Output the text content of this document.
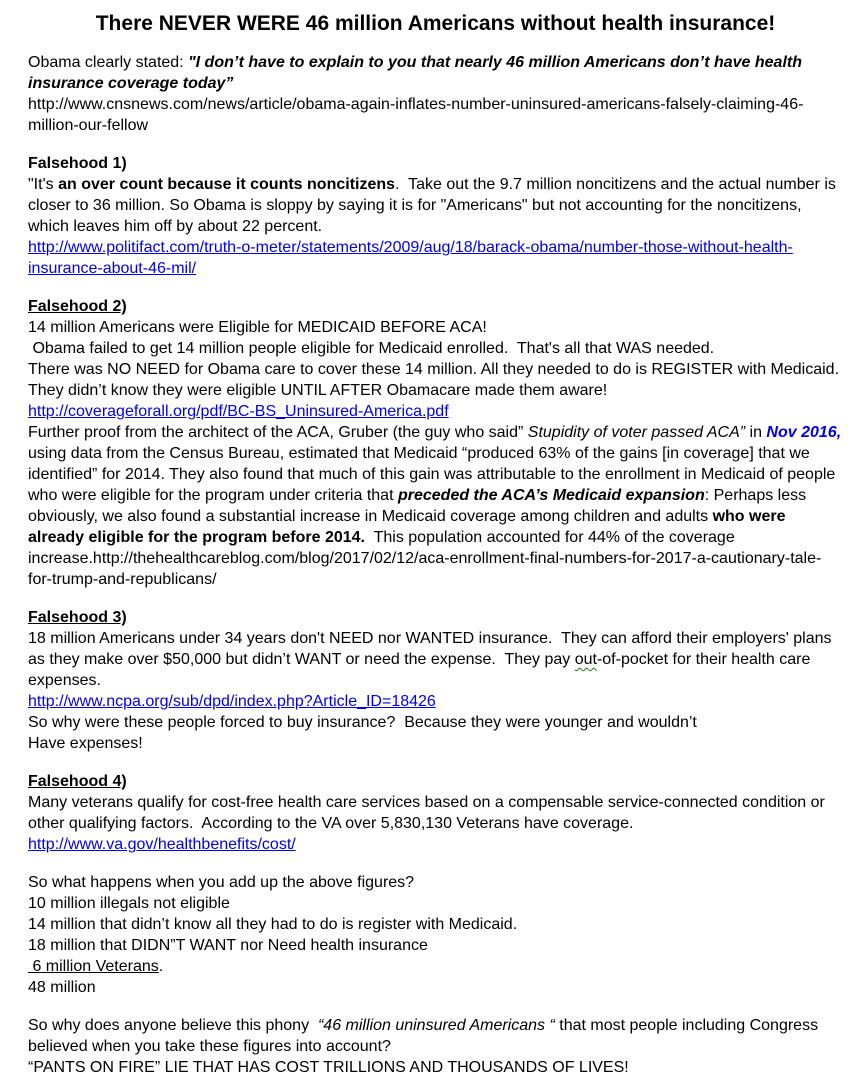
There NEVER WERE 46 million Americans without health insurance!
Obama clearly stated: "I don’t have to explain to you that nearly 46 million Americans don’t have health insurance coverage today”
http://www.cnsnews.com/news/article/obama-again-inflates-number-uninsured-americans-falsely-claiming-46-million-our-fellow
Falsehood 1)
"It's an over count because it counts noncitizens.  Take out the 9.7 million noncitizens and the actual number is closer to 36 million. So Obama is sloppy by saying it is for "Americans" but not accounting for the noncitizens, which leaves him off by about 22 percent.
http://www.politifact.com/truth-o-meter/statements/2009/aug/18/barack-obama/number-those-without-health-insurance-about-46-mil/
Falsehood 2)
14 million Americans were Eligible for MEDICAID BEFORE ACA!
Obama failed to get 14 million people eligible for Medicaid enrolled.  That's all that WAS needed.
There was NO NEED for Obama care to cover these 14 million. All they needed to do is REGISTER with Medicaid.  They didn’t know they were eligible UNTIL AFTER Obamacare made them aware!
http://coverageforall.org/pdf/BC-BS_Uninsured-America.pdf
Further proof from the architect of the ACA, Gruber (the guy who said” Stupidity of voter passed ACA” in Nov 2016, using data from the Census Bureau, estimated that Medicaid “produced 63% of the gains [in coverage] that we identified” for 2014. They also found that much of this gain was attributable to the enrollment in Medicaid of people who were eligible for the program under criteria that preceded the ACA’s Medicaid expansion: Perhaps less obviously, we also found a substantial increase in Medicaid coverage among children and adults who were already eligible for the program before 2014.  This population accounted for 44% of the coverage increase.http://thehealthcareblog.com/blog/2017/02/12/aca-enrollment-final-numbers-for-2017-a-cautionary-tale-for-trump-and-republicans/
Falsehood 3)
18 million Americans under 34 years don't NEED nor WANTED insurance.  They can afford their employers' plans as they make over $50,000 but didn’t WANT or need the expense.  They pay out-of-pocket for their health care expenses.
http://www.ncpa.org/sub/dpd/index.php?Article_ID=18426
So why were these people forced to buy insurance?  Because they were younger and wouldn’t
Have expenses!
Falsehood 4)
Many veterans qualify for cost-free health care services based on a compensable service-connected condition or other qualifying factors.  According to the VA over 5,830,130 Veterans have coverage.
http://www.va.gov/healthbenefits/cost/
So what happens when you add up the above figures?
10 million illegals not eligible
14 million that didn’t know all they had to do is register with Medicaid.
18 million that DIDN”T WANT nor Need health insurance
6 million Veterans.
48 million
So why does anyone believe this phony  “46 million uninsured Americans “ that most people including Congress believed when you take these figures into account?
“PANTS ON FIRE” LIE THAT HAS COST TRILLIONS AND THOUSANDS OF LIVES!
